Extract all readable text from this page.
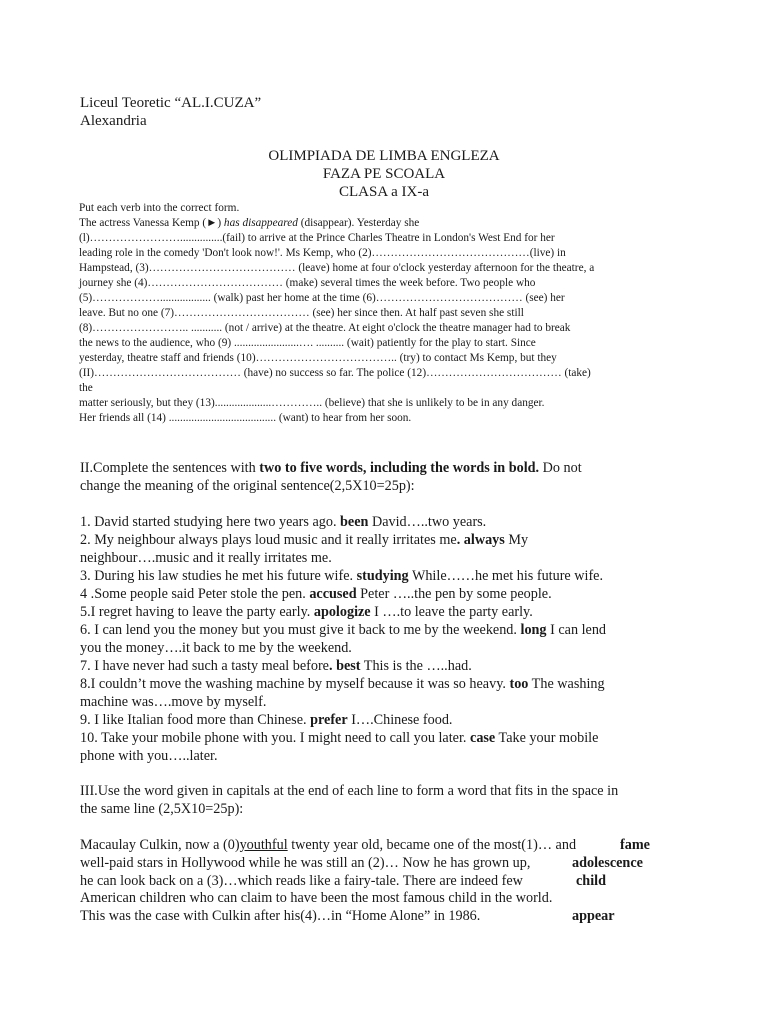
Liceul Teoretic “AL.I.CUZA”
Alexandria
OLIMPIADA DE LIMBA ENGLEZA
FAZA PE SCOALA
CLASA a IX-a
Put each verb into the correct form.
The actress Vanessa Kemp (►) has disappeared (disappear). Yesterday she
(l)……………………...............(fail) to arrive at the Prince Charles Theatre in London's West End for her
leading role in the comedy 'Don't look now!'. Ms Kemp, who (2)……………………………………(live) in
Hampstead, (3)………………………………… (leave) home at four o'clock yesterday afternoon for the theatre, a
journey she (4)……………………………… (make) several times the week before. Two people who
(5)……………….................. (walk) past her home at the time (6)………………………………… (see) her
leave. But no one (7)……………………………… (see) her since then. At half past seven she still
(8)…………………….. ........... (not / arrive) at the theatre. At eight o'clock the theatre manager had to break
the news to the audience, who (9) .......................…. .......... (wait) patiently for the play to start. Since
yesterday, theatre staff and friends (10)……………………………….. (try) to contact Ms Kemp, but they
(II)………………………………… (have) no success so far. The police (12)……………………………… (take)
the
matter seriously, but they (13)....................………….. (believe) that she is unlikely to be in any danger.
Her friends all (14) ...................................... (want) to hear from her soon.
II.Complete the sentences with two to five words, including the words in bold. Do not
change the meaning of the original sentence(2,5X10=25p):
1. David started studying here two years ago. been David…..two years.
2. My neighbour always plays loud music and it really irritates me. always My
neighbour….music and it really irritates me.
3. During his law studies he met his future wife. studying While……he met his future wife.
4 .Some people said Peter stole the pen. accused Peter …..the pen by some people.
5.I regret having to leave the party early. apologize I ….to leave the party early.
6. I can lend you the money but you must give it back to me by the weekend. long I can lend
you the money….it back to me by the weekend.
7. I have never had such a tasty meal before. best This is the …..had.
8.I couldn’t move the washing machine by myself because it was so heavy. too The washing
machine was….move by myself.
9. I like Italian food more than Chinese. prefer I….Chinese food.
10. Take your mobile phone with you. I might need to call you later. case Take your mobile
phone with you…..later.
III.Use the word given in capitals at the end of each line to form a word that fits in the space in
the same line (2,5X10=25p):
Macaulay Culkin, now a (0)youthful twenty year old, became one of the most(1)… and
well-paid stars in Hollywood while he was still an (2)… Now he has grown up,
he can look back on a (3)…which reads like a fairy-tale. There are indeed few
American children who can claim to have been the most famous child in the world.
This was the case with Culkin after his(4)…in “Home Alone” in 1986.
fame
adolescence
child
appear
